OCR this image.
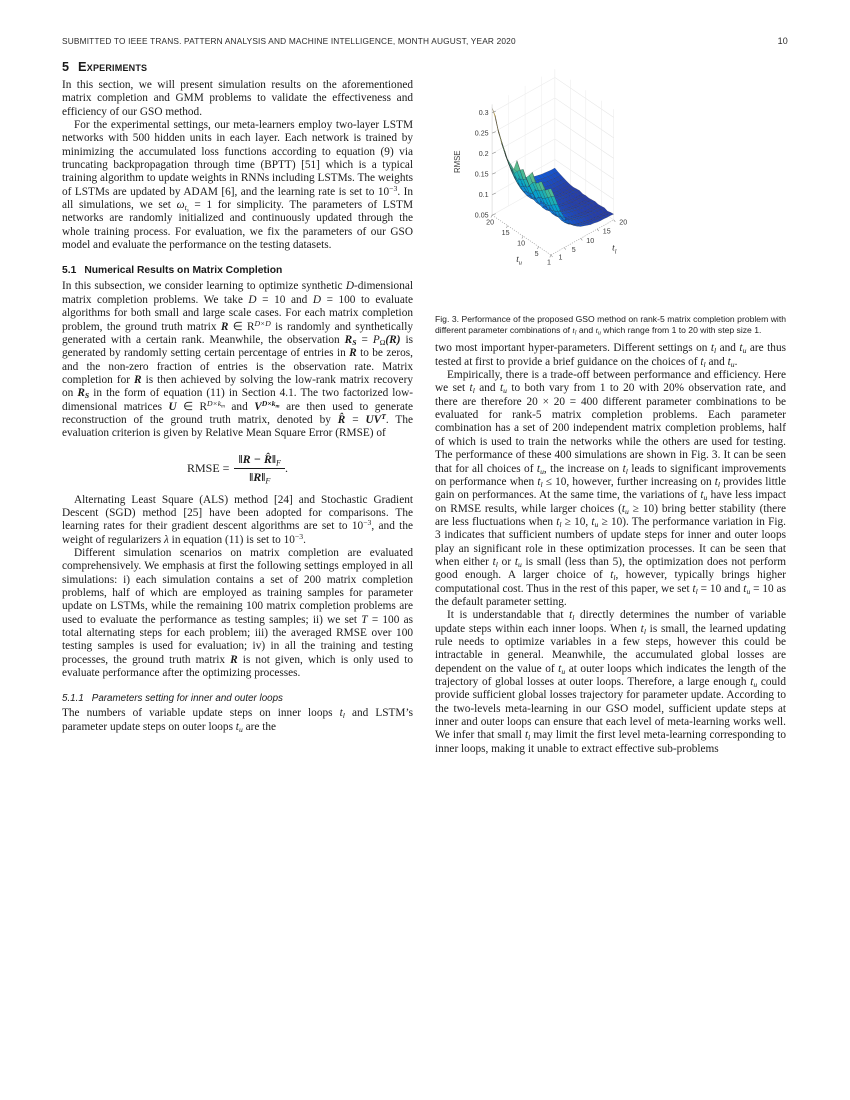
SUBMITTED TO IEEE TRANS. PATTERN ANALYSIS AND MACHINE INTELLIGENCE, MONTH AUGUST, YEAR 2020	10
5 Experiments

In this section, we will present simulation results on the aforementioned matrix completion and GMM problems to validate the effectiveness and efficiency of our GSO method.

For the experimental settings, our meta-learners employ two-layer LSTM networks with 500 hidden units in each layer. Each network is trained by minimizing the accumulated loss functions according to equation (9) via truncating backpropagation through time (BPTT) [51] which is a typical training algorithm to update weights in RNNs including LSTMs. The weights of LSTMs are updated by ADAM [6], and the learning rate is set to $10^{-3}$. In all simulations, we set $\omega_{t_s} = 1$ for simplicity. The parameters of LSTM networks are randomly initialized and continuously updated through the whole training process. For evaluation, we fix the parameters of our GSO model and evaluate the performance on the testing datasets.

5.1 Numerical Results on Matrix Completion

In this subsection, we consider learning to optimize synthetic D-dimensional matrix completion problems. We take D = 10 and D = 100 to evaluate algorithms for both small and large scale cases. For each matrix completion problem, the ground truth matrix R ∈ $R^{D\times D}$ is randomly and synthetically generated with a certain rank. Meanwhile, the observation $R_S = P_\Omega(R)$ is generated by randomly setting certain percentage of entries in R to be zeros, and the non-zero fraction of entries is the observation rate. Matrix completion for R is then achieved by solving the low-rank matrix recovery on $R_S$ in the form of equation (11) in Section 4.1. The two factorized low-dimensional matrices U ∈ $R^{D\times k_m}$ and $V^{D\times k_m}$ are then used to generate reconstruction of the ground truth matrix, denoted by R̂ = $UV^T$. The evaluation criterion is given by Relative Mean Square Error (RMSE) of

RMSE = $\frac{‖R - R̂‖_F}{‖R‖_F}$ .

Alternating Least Square (ALS) method [24] and Stochastic Gradient Descent (SGD) method [25] have been adopted for comparisons. The learning rates for their gradient descent algorithms are set to $10^{-3}$, and the weight of regularizers λ in equation (11) is set to $10^{-3}$.

Different simulation scenarios on matrix completion are evaluated comprehensively. We emphasis at first the following settings employed in all simulations: i) each simulation contains a set of 200 matrix completion problems, half of which are employed as training samples for parameter update on LSTMs, while the remaining 100 matrix completion problems are used to evaluate the performance as testing samples; ii) we set T = 100 as total alternating steps for each problem; iii) the averaged RMSE over 100 testing samples is used for evaluation; iv) in all the training and testing processes, the ground truth matrix R is not given, which is only used to evaluate performance after the optimizing processes.

5.1.1 Parameters setting for inner and outer loops

The numbers of variable update steps on inner loops $t_l$ and LSTM’s parameter update steps on outer loops $t_u$ are the

0.05
0.1
0.15
0.2
0.25
0.3
20
15
10
5
1
1
5
10
15
20
RMSE
$t_u$
$t_l$

Fig. 3. Performance of the proposed GSO method on rank-5 matrix completion problem with different parameter combinations of $t_l$ and $t_u$ which range from 1 to 20 with step size 1.

two most important hyper-parameters. Different settings on $t_l$ and $t_u$ are thus tested at first to provide a brief guidance on the choices of $t_l$ and $t_u$.

Empirically, there is a trade-off between performance and efficiency. Here we set $t_l$ and $t_u$ to both vary from 1 to 20 with 20% observation rate, and there are therefore 20 × 20 = 400 different parameter combinations to be evaluated for rank-5 matrix completion problems. Each parameter combination has a set of 200 independent matrix completion problems, half of which is used to train the networks while the others are used for testing. The performance of these 400 simulations are shown in Fig. 3. It can be seen that for all choices of $t_u$, the increase on $t_l$ leads to significant improvements on performance when $t_l \le 10$, however, further increasing on $t_l$ provides little gain on performances. At the same time, the variations of $t_u$ have less impact on RMSE results, while larger choices $(t_u \ge 10)$ bring better stability (there are less fluctuations when $t_l \ge 10$, $t_u \ge 10$). The performance variation in Fig. 3 indicates that sufficient numbers of update steps for inner and outer loops play an significant role in these optimization processes. It can be seen that when either $t_l$ or $t_u$ is small (less than 5), the optimization does not perform good enough. A larger choice of $t_l$, however, typically brings higher computational cost. Thus in the rest of this paper, we set $t_l = 10$ and $t_u = 10$ as the default parameter setting.

It is understandable that $t_l$ directly determines the number of variable update steps within each inner loops. When $t_l$ is small, the learned updating rule needs to optimize variables in a few steps, however this could be intractable in general. Meanwhile, the accumulated global losses are dependent on the value of $t_u$ at outer loops which indicates the length of the trajectory of global losses at outer loops. Therefore, a large enough $t_u$ could provide sufficient global losses trajectory for parameter update. According to the two-levels meta-learning in our GSO model, sufficient update steps at inner and outer loops can ensure that each level of meta-learning works well. We infer that small $t_l$ may limit the first level meta-learning corresponding to inner loops, making it unable to extract effective sub-problems
